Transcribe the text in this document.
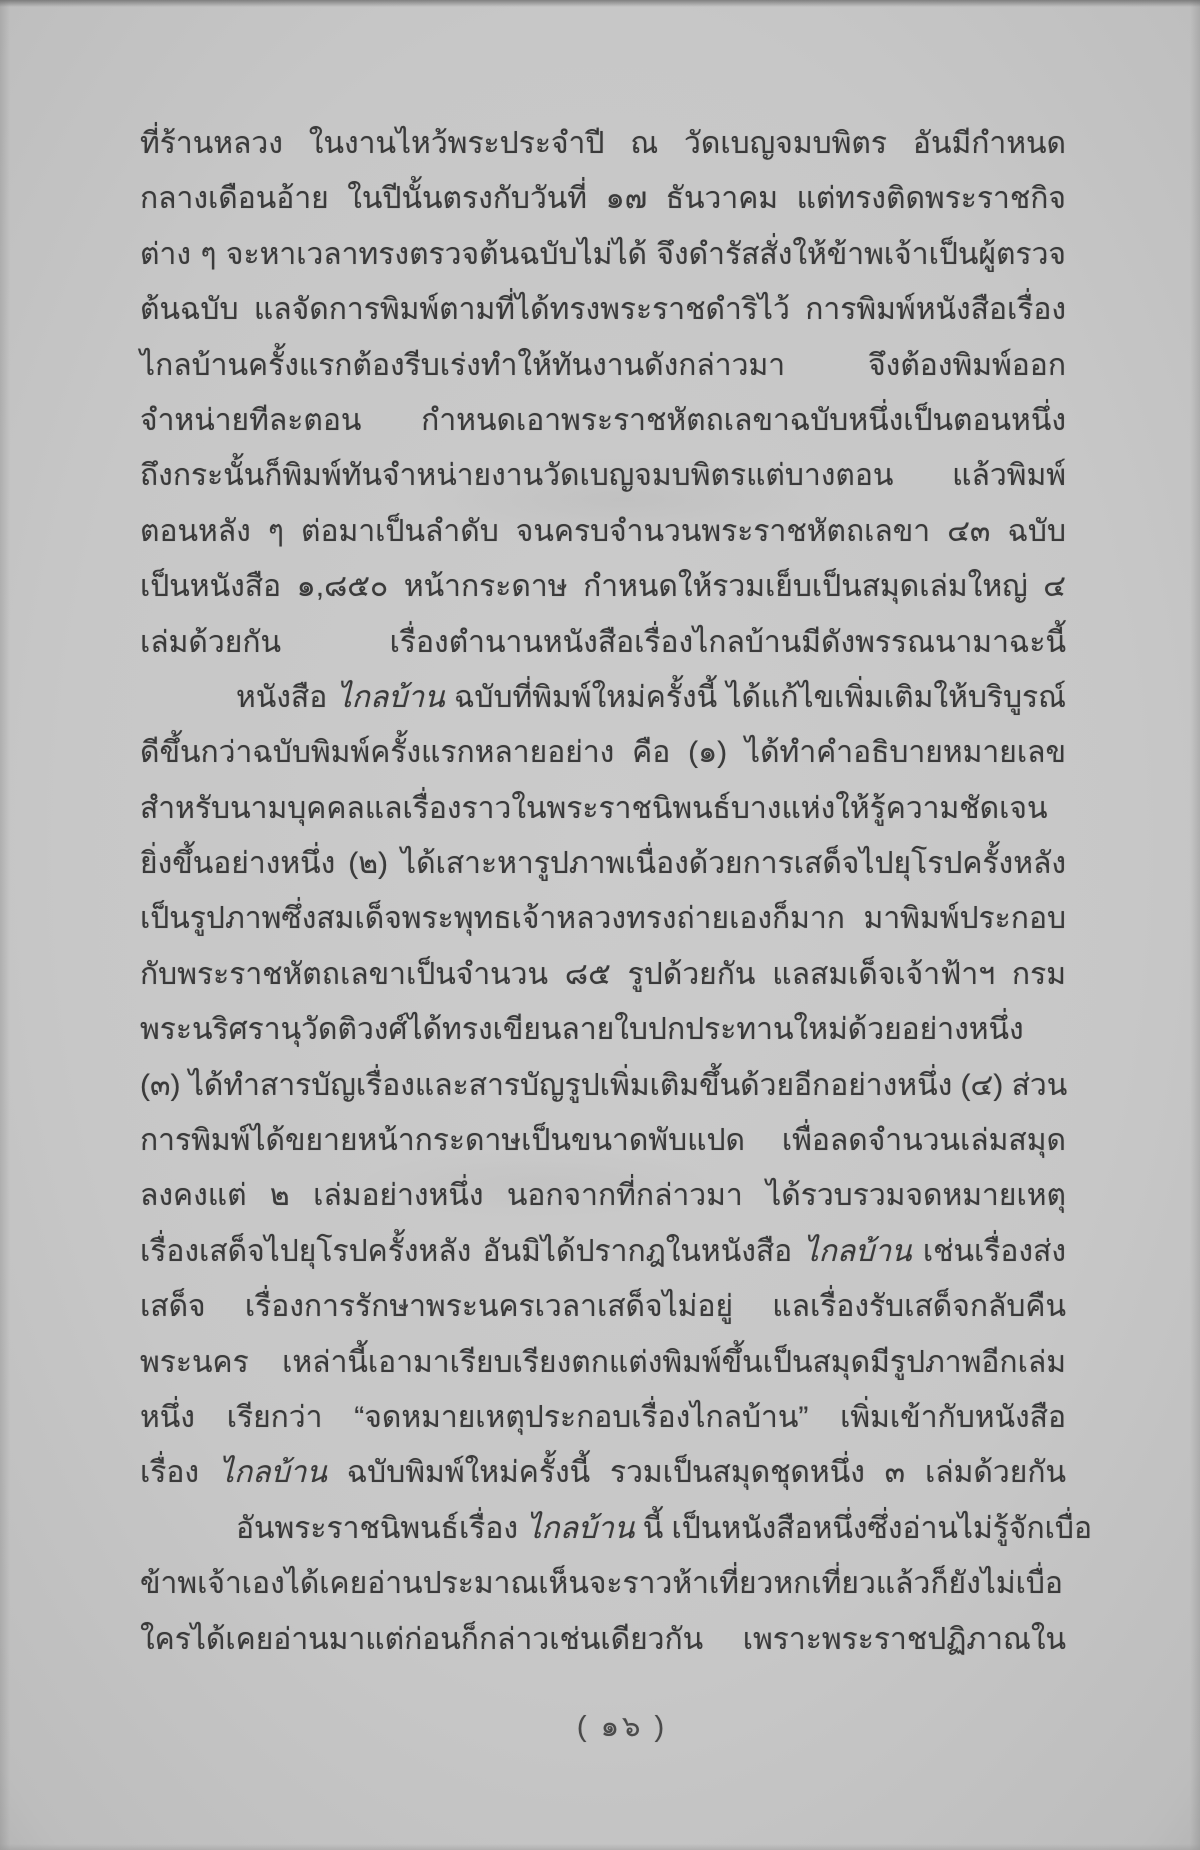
ที่ร้านหลวง ในงานไหว้พระประจำปี ณ วัดเบญจมบพิตร อันมีกำหนด
กลางเดือนอ้าย ในปีนั้นตรงกับวันที่ ๑๗ ธันวาคม แต่ทรงติดพระราชกิจ
ต่าง ๆ จะหาเวลาทรงตรวจต้นฉบับไม่ได้ จึงดำรัสสั่งให้ข้าพเจ้าเป็นผู้ตรวจ
ต้นฉบับ แลจัดการพิมพ์ตามที่ได้ทรงพระราชดำริไว้ การพิมพ์หนังสือเรื่อง
ไกลบ้านครั้งแรกต้องรีบเร่งทำให้ทันงานดังกล่าวมา จึงต้องพิมพ์ออก
จำหน่ายทีละตอน กำหนดเอาพระราชหัตถเลขาฉบับหนึ่งเป็นตอนหนึ่ง
ถึงกระนั้นก็พิมพ์ทันจำหน่ายงานวัดเบญจมบพิตรแต่บางตอน แล้วพิมพ์
ตอนหลัง ๆ ต่อมาเป็นลำดับ จนครบจำนวนพระราชหัตถเลขา ๔๓ ฉบับ
เป็นหนังสือ ๑,๘๕๐ หน้ากระดาษ กำหนดให้รวมเย็บเป็นสมุดเล่มใหญ่ ๔
เล่มด้วยกัน เรื่องตำนานหนังสือเรื่องไกลบ้านมีดังพรรณนามาฉะนี้
หนังสือ ไกลบ้าน ฉบับที่พิมพ์ใหม่ครั้งนี้ ได้แก้ไขเพิ่มเติมให้บริบูรณ์
ดีขึ้นกว่าฉบับพิมพ์ครั้งแรกหลายอย่าง คือ (๑) ได้ทำคำอธิบายหมายเลข
สำหรับนามบุคคลแลเรื่องราวในพระราชนิพนธ์บางแห่งให้รู้ความชัดเจน
ยิ่งขึ้นอย่างหนึ่ง (๒) ได้เสาะหารูปภาพเนื่องด้วยการเสด็จไปยุโรปครั้งหลัง
เป็นรูปภาพซึ่งสมเด็จพระพุทธเจ้าหลวงทรงถ่ายเองก็มาก มาพิมพ์ประกอบ
กับพระราชหัตถเลขาเป็นจำนวน ๘๕ รูปด้วยกัน แลสมเด็จเจ้าฟ้าฯ กรม
พระนริศรานุวัดติวงศ์ได้ทรงเขียนลายใบปกประทานใหม่ด้วยอย่างหนึ่ง
(๓) ได้ทำสารบัญเรื่องและสารบัญรูปเพิ่มเติมขึ้นด้วยอีกอย่างหนึ่ง (๔) ส่วน
การพิมพ์ได้ขยายหน้ากระดาษเป็นขนาดพับแปด เพื่อลดจำนวนเล่มสมุด
ลงคงแต่ ๒ เล่มอย่างหนึ่ง นอกจากที่กล่าวมา ได้รวบรวมจดหมายเหตุ
เรื่องเสด็จไปยุโรปครั้งหลัง อันมิได้ปรากฎในหนังสือ ไกลบ้าน เช่นเรื่องส่ง
เสด็จ เรื่องการรักษาพระนครเวลาเสด็จไม่อยู่ แลเรื่องรับเสด็จกลับคืน
พระนคร เหล่านี้เอามาเรียบเรียงตกแต่งพิมพ์ขึ้นเป็นสมุดมีรูปภาพอีกเล่ม
หนึ่ง เรียกว่า “จดหมายเหตุประกอบเรื่องไกลบ้าน” เพิ่มเข้ากับหนังสือ
เรื่อง ไกลบ้าน ฉบับพิมพ์ใหม่ครั้งนี้ รวมเป็นสมุดชุดหนึ่ง ๓ เล่มด้วยกัน
อันพระราชนิพนธ์เรื่อง ไกลบ้าน นี้ เป็นหนังสือหนึ่งซึ่งอ่านไม่รู้จักเบื่อ
ข้าพเจ้าเองได้เคยอ่านประมาณเห็นจะราวห้าเที่ยวหกเที่ยวแล้วก็ยังไม่เบื่อ
ใครได้เคยอ่านมาแต่ก่อนก็กล่าวเช่นเดียวกัน เพราะพระราชปฏิภาณใน
( ๑๖ )
